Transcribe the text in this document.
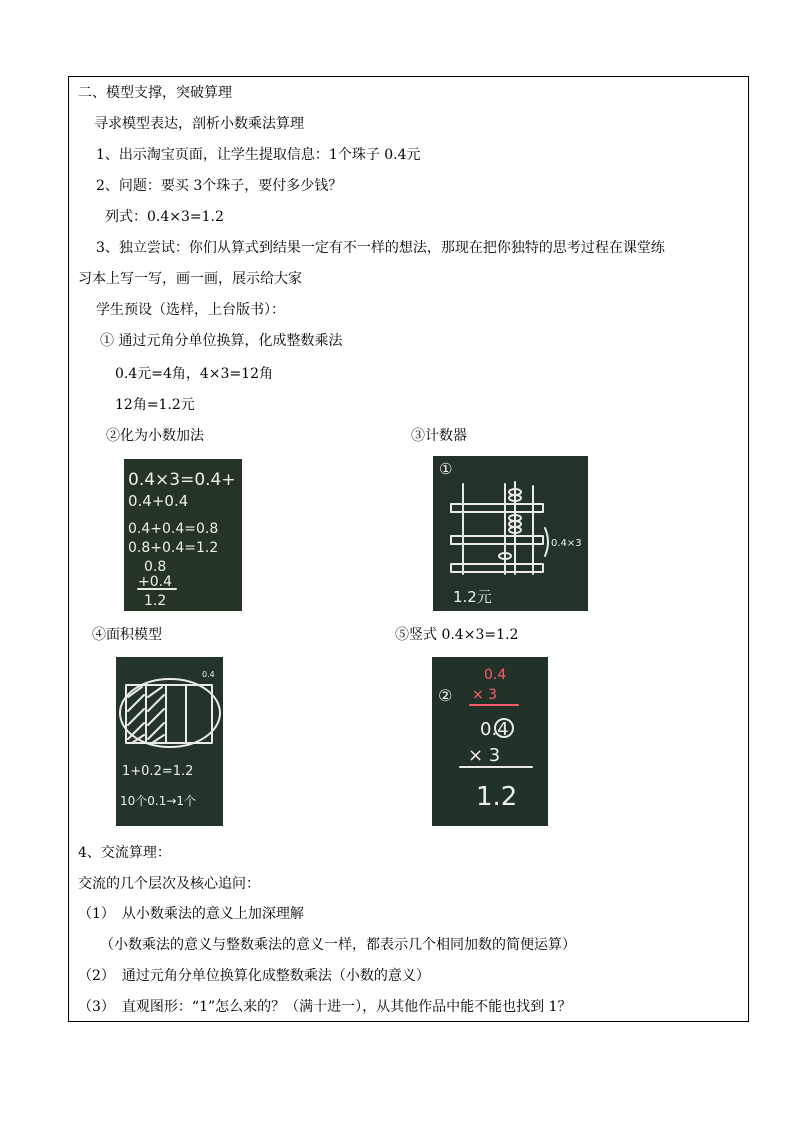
二、模型支撑，突破算理
寻求模型表达，剖析小数乘法算理
1、出示淘宝页面，让学生提取信息：1个珠子 0.4元
2、问题：要买 3个珠子，要付多少钱？
列式：0.4×3=1.2
3、独立尝试：你们从算式到结果一定有不一样的想法，那现在把你独特的思考过程在课堂练
习本上写一写，画一画，展示给大家
学生预设（选样，上台版书）：
① 通过元角分单位换算，化成整数乘法
0.4元=4角，4×3=12角
12角=1.2元
②化为小数加法	③计数器
0.4×3=0.4+
0.4+0.4
0.4+0.4=0.8
0.8+0.4=1.2
0.8
+0.4
1.2
①
0.4×3
1.2元
④面积模型	⑤竖式 0.4×3=1.2
0.4
1+0.2=1.2
10个0.1→1个
②
0.4
× 3
0.4
× 3
1.2
4、交流算理：
交流的几个层次及核心追问：
（1）　从小数乘法的意义上加深理解
（小数乘法的意义与整数乘法的意义一样，都表示几个相同加数的简便运算）
（2）　通过元角分单位换算化成整数乘法（小数的意义）
（3）　直观图形：“1”怎么来的？（满十进一），从其他作品中能不能也找到 1？
